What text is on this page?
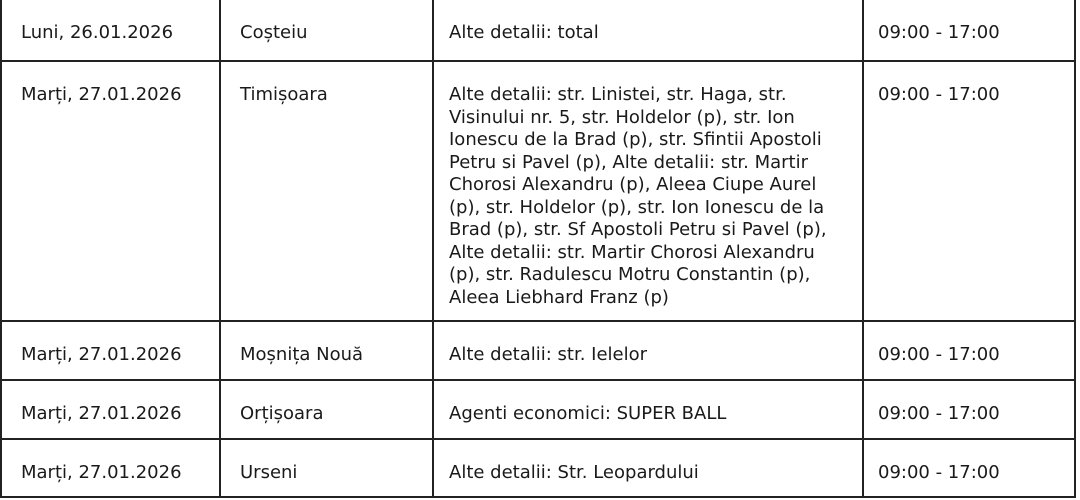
Luni, 26.01.2026	Coșteiu	Alte detalii: total	09:00 - 17:00
Marți, 27.01.2026	Timișoara	Alte detalii: str. Linistei, str. Haga, str. Visinului nr. 5, str. Holdelor (p), str. Ion Ionescu de la Brad (p), str. Sfintii Apostoli Petru si Pavel (p), Alte detalii: str. Martir Chorosi Alexandru (p), Aleea Ciupe Aurel (p), str. Holdelor (p), str. Ion Ionescu de la Brad (p), str. Sf Apostoli Petru si Pavel (p), Alte detalii: str. Martir Chorosi Alexandru (p), str. Radulescu Motru Constantin (p), Aleea Liebhard Franz (p)	09:00 - 17:00
Marți, 27.01.2026	Moșnița Nouă	Alte detalii: str. Ielelor	09:00 - 17:00
Marți, 27.01.2026	Orțișoara	Agenti economici: SUPER BALL	09:00 - 17:00
Marți, 27.01.2026	Urseni	Alte detalii: Str. Leopardului	09:00 - 17:00
